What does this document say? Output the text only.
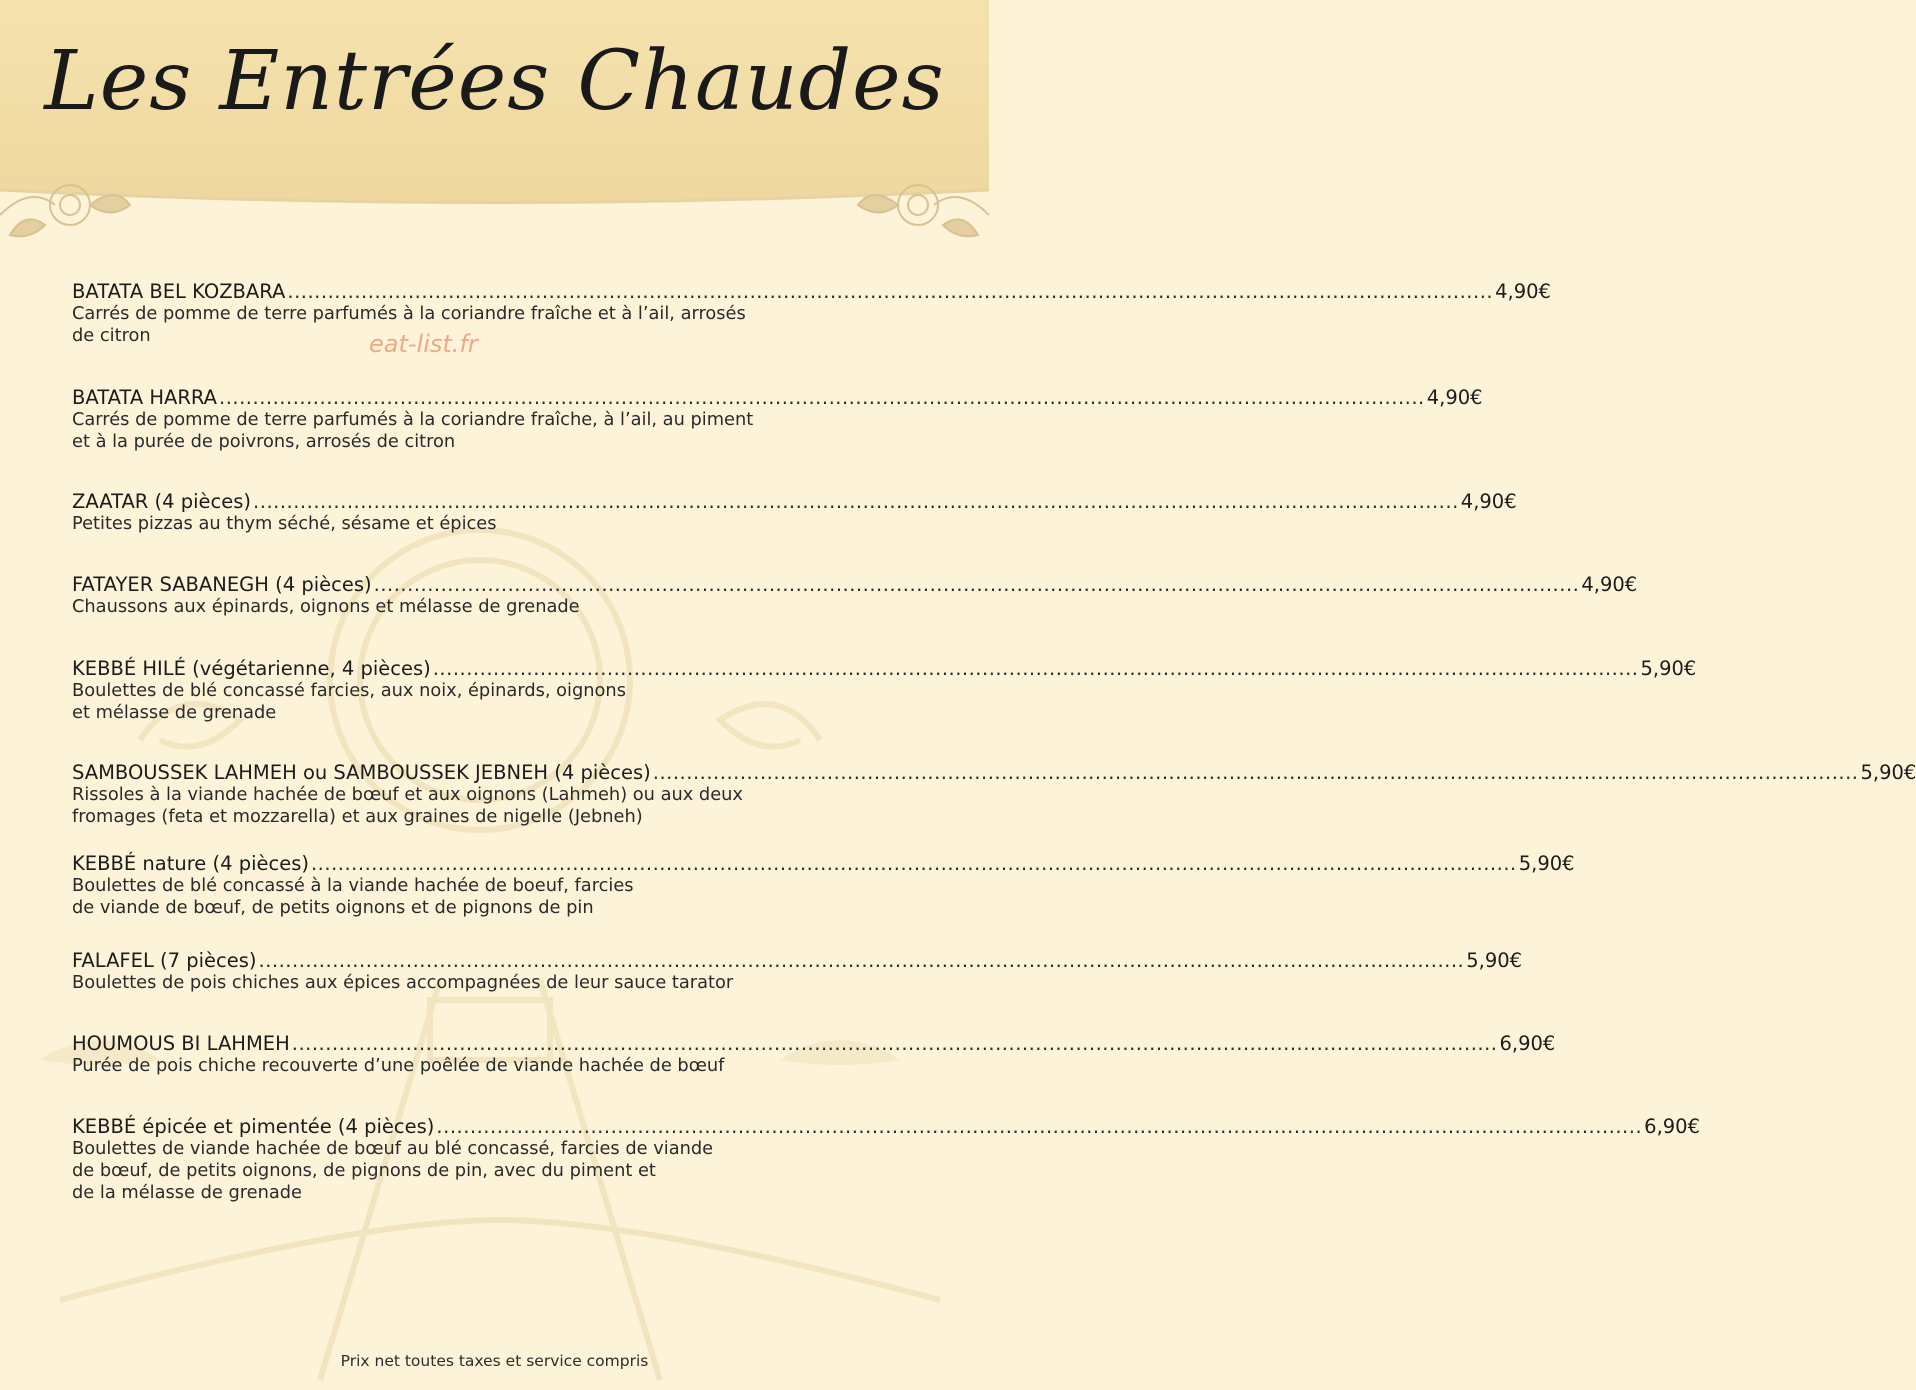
Les Entrées Chaudes
eat-list.fr
BATATA BEL KOZBARA .................................................................................................................................................................................... 4,90€
Carrés de pomme de terre parfumés à la coriandre fraîche et à l’ail, arrosés
de citron
BATATA HARRA .................................................................................................................................................................................... 4,90€
Carrés de pomme de terre parfumés à la coriandre fraîche, à l’ail, au piment
et à la purée de poivrons, arrosés de citron
ZAATAR (4 pièces) .................................................................................................................................................................................... 4,90€
Petites pizzas au thym séché, sésame et épices
FATAYER SABANEGH (4 pièces) .................................................................................................................................................................................... 4,90€
Chaussons aux épinards, oignons et mélasse de grenade
KEBBÉ HILÉ (végétarienne, 4 pièces) .................................................................................................................................................................................... 5,90€
Boulettes de blé concassé farcies, aux noix, épinards, oignons
et mélasse de grenade
SAMBOUSSEK LAHMEH ou SAMBOUSSEK JEBNEH (4 pièces) .................................................................................................................................................................................... 5,90€
Rissoles à la viande hachée de bœuf et aux oignons (Lahmeh) ou aux deux
fromages (feta et mozzarella) et aux graines de nigelle (Jebneh)
KEBBÉ nature (4 pièces) .................................................................................................................................................................................... 5,90€
Boulettes de blé concassé à la viande hachée de boeuf, farcies
de viande de bœuf, de petits oignons et de pignons de pin
FALAFEL (7 pièces) .................................................................................................................................................................................... 5,90€
Boulettes de pois chiches aux épices accompagnées de leur sauce tarator
HOUMOUS BI LAHMEH .................................................................................................................................................................................... 6,90€
Purée de pois chiche recouverte d’une poêlée de viande hachée de bœuf
KEBBÉ épicée et pimentée (4 pièces) .................................................................................................................................................................................... 6,90€
Boulettes de viande hachée de bœuf au blé concassé, farcies de viande
de bœuf, de petits oignons, de pignons de pin, avec du piment et
de la mélasse de grenade
Prix net toutes taxes et service compris
